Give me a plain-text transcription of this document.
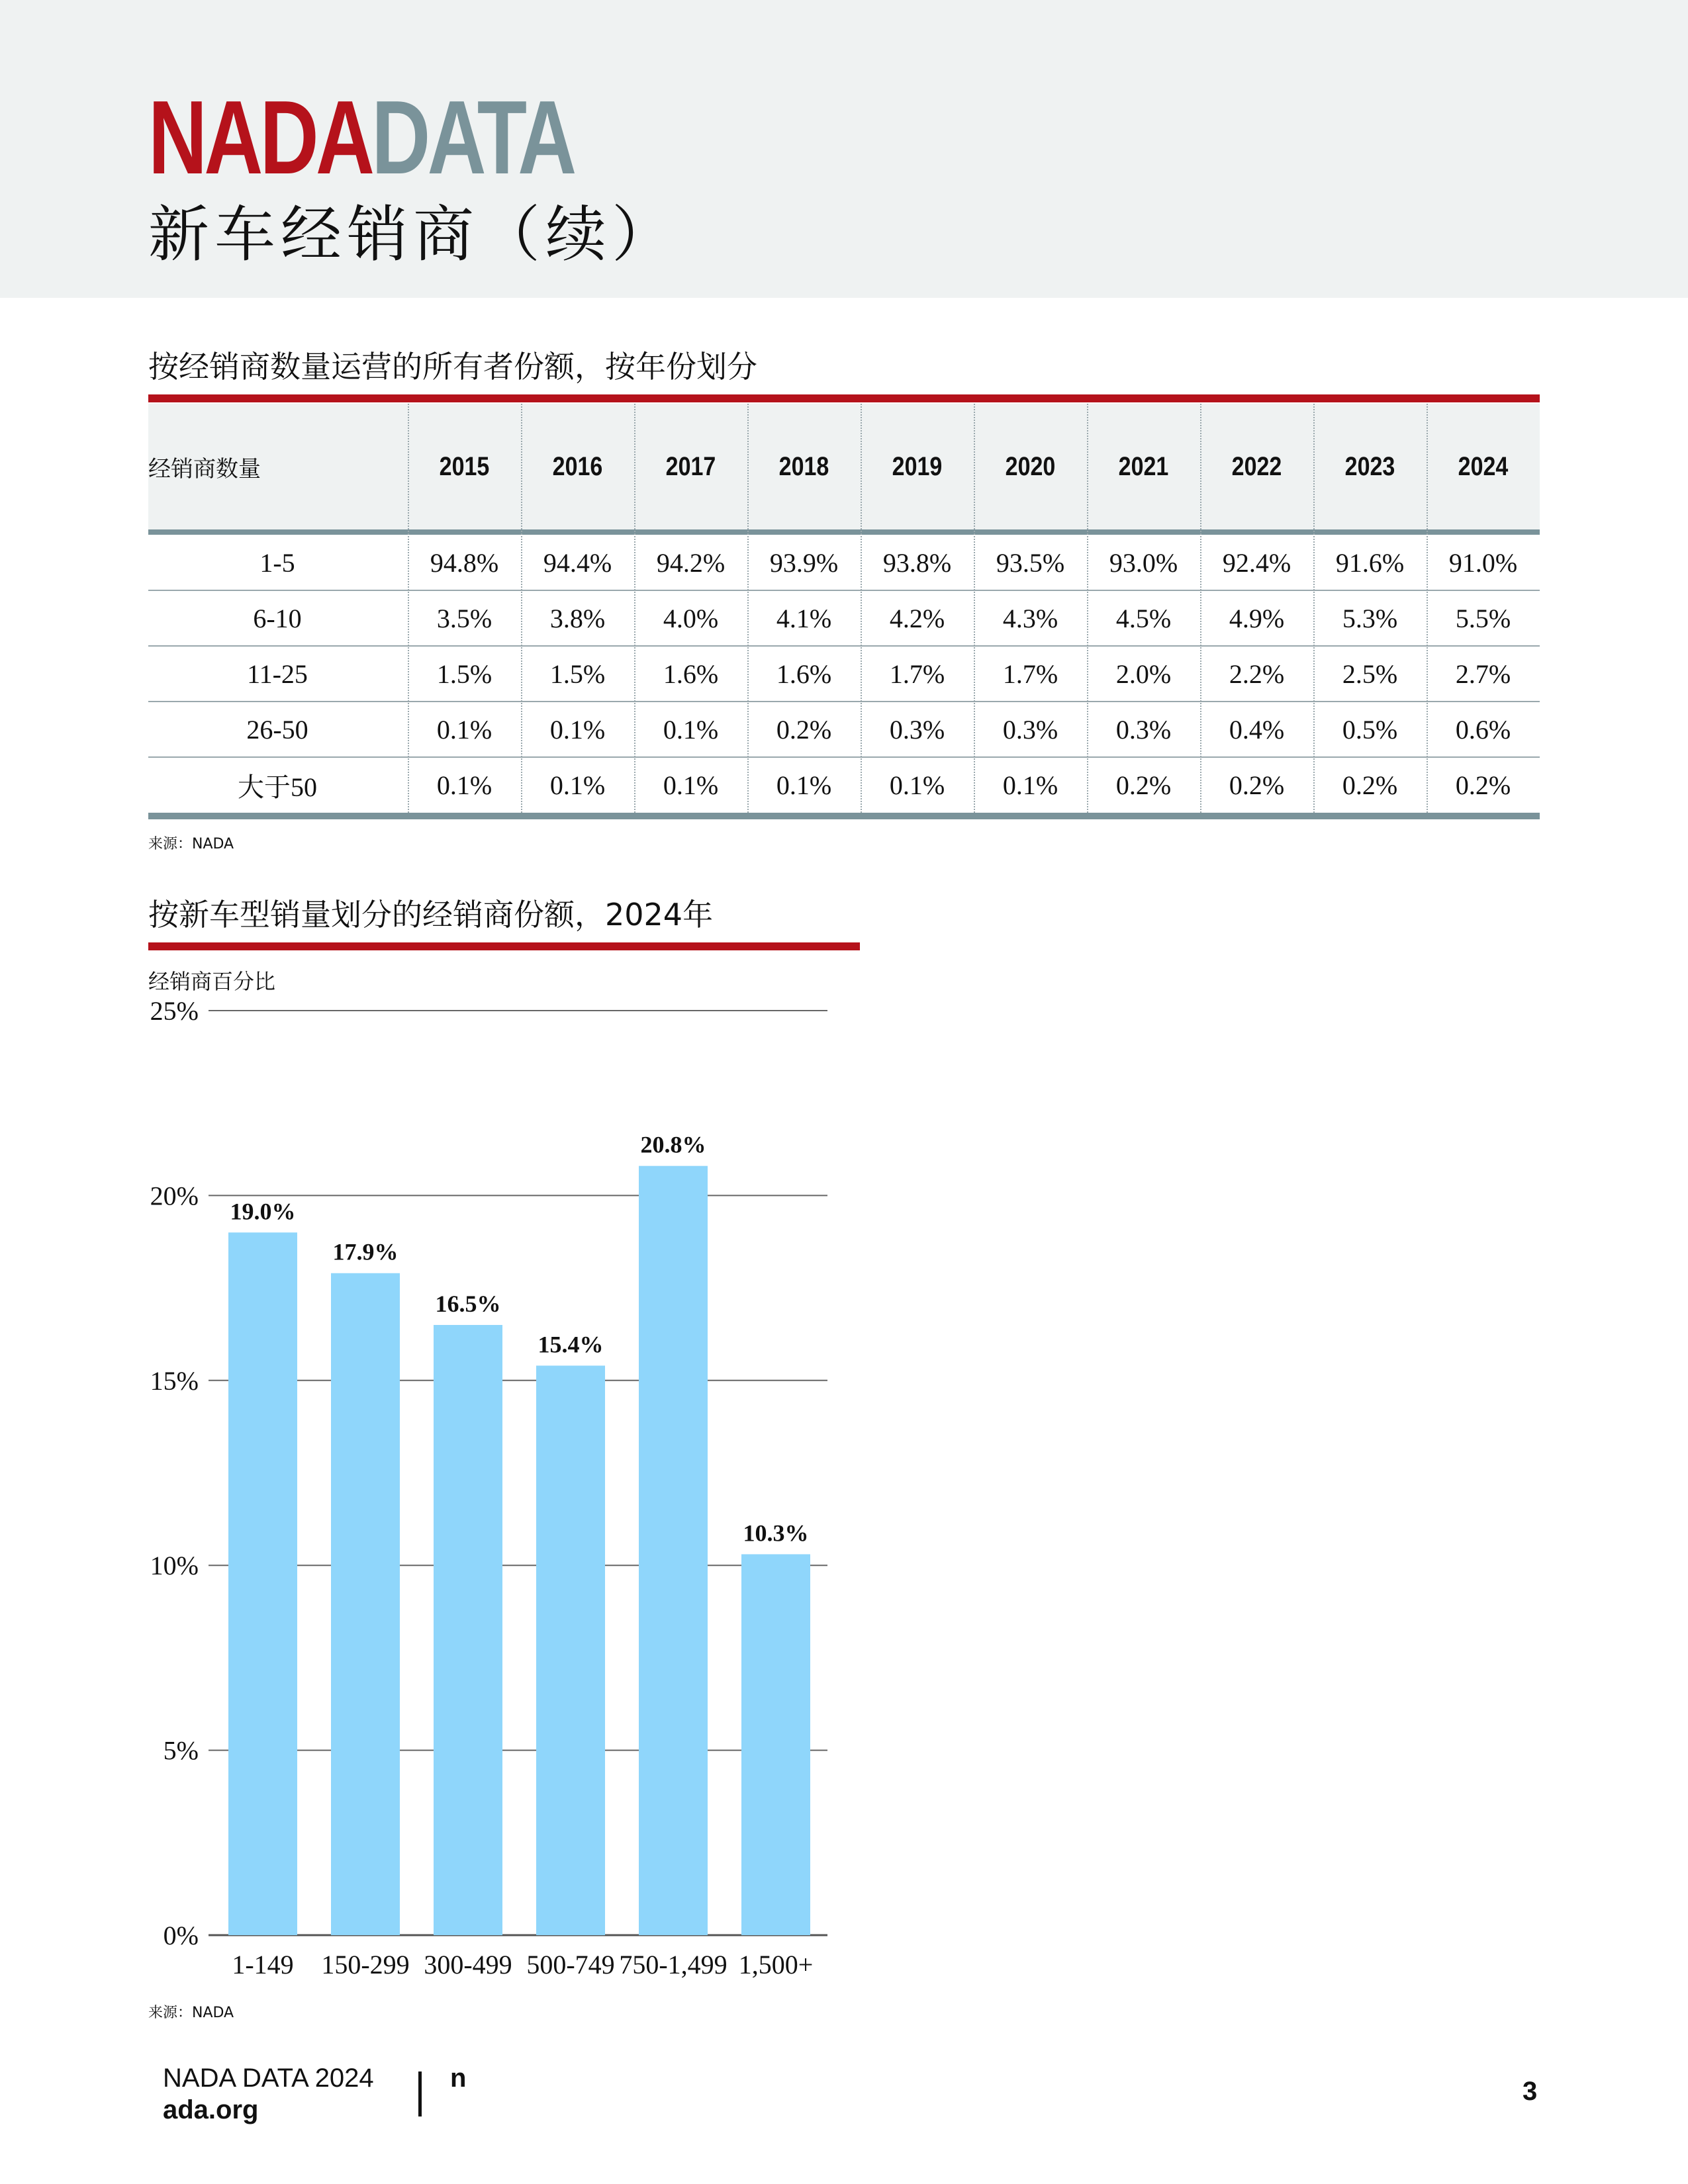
NADADATA
新车经销商（续）
按经销商数量运营的所有者份额，按年份划分
经销商数量	2015	2016	2017	2018	2019	2020	2021	2022	2023	2024
1-5	94.8%	94.4%	94.2%	93.9%	93.8%	93.5%	93.0%	92.4%	91.6%	91.0%
6-10	3.5%	3.8%	4.0%	4.1%	4.2%	4.3%	4.5%	4.9%	5.3%	5.5%
11-25	1.5%	1.5%	1.6%	1.6%	1.7%	1.7%	2.0%	2.2%	2.5%	2.7%
26-50	0.1%	0.1%	0.1%	0.2%	0.3%	0.3%	0.3%	0.4%	0.5%	0.6%
大于50	0.1%	0.1%	0.1%	0.1%	0.1%	0.1%	0.2%	0.2%	0.2%	0.2%
来源：NADA
按新车型销量划分的经销商份额，2024年
经销商百分比
0%
5%
10%
15%
20%
25%
19.0%
1-149
17.9%
150-299
16.5%
300-499
15.4%
500-749
20.8%
750-1,499
10.3%
1,500+
来源：NADA
NADA DATA 2024
ada.org
n	3
